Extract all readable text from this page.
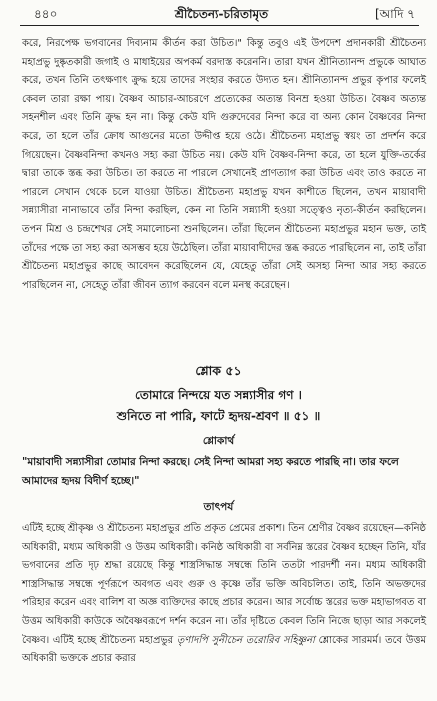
৪৪০	শ্রীচৈতন্য-চরিতামৃত	[আদি ৭

করে, নিরপেক্ষ ভগবানের দিব্যনাম কীর্তন করা উচিত।" কিন্তু তবুও এই উপদেশ প্রদানকারী শ্রীচৈতন্য মহাপ্রভু দুষ্কৃতকারী জগাই ও মাধাইয়ের অপকর্ম বরদাস্ত করেননি। তারা যখন শ্রীনিত্যানন্দ প্রভুকে আঘাত করে, তখন তিনি তৎক্ষণাৎ ক্রুদ্ধ হয়ে তাদের সংহার করতে উদ্যত হন। শ্রীনিত্যানন্দ প্রভুর কৃপার ফলেই কেবল তারা রক্ষা পায়। বৈষ্ণব আচার-আচরণে প্রত্যেকের অত্যন্ত বিনম্র হওয়া উচিত। বৈষ্ণব অত্যন্ত সহনশীল এবং তিনি ক্রুদ্ধ হন না। কিন্তু কেউ যদি গুরুদেবের নিন্দা করে বা অন্য কোন বৈষ্ণবের নিন্দা করে, তা হলে তাঁর ক্রোধ আগুনের মতো উদ্দীপ্ত হয়ে ওঠে। শ্রীচৈতন্য মহাপ্রভু স্বয়ং তা প্রদর্শন করে গিয়েছেন। বৈষ্ণবনিন্দা কখনও সহ্য করা উচিত নয়। কেউ যদি বৈষ্ণব-নিন্দা করে, তা হলে যুক্তি-তর্কের দ্বারা তাকে স্তব্ধ করা উচিত। তা করতে না পারলে সেখানেই প্রাণত্যাগ করা উচিত এবং তাও করতে না পারলে সেখান থেকে চলে যাওয়া উচিত। শ্রীচৈতন্য মহাপ্রভু যখন কাশীতে ছিলেন, তখন মায়াবাদী সন্ন্যাসীরা নানাভাবে তাঁর নিন্দা করছিল, কেন না তিনি সন্ন্যাসী হওয়া সত্ত্বেও নৃত্য-কীর্তন করছিলেন। তপন মিশ্র ও চন্দ্রশেখর সেই সমালোচনা শুনছিলেন। তাঁরা ছিলেন শ্রীচৈতন্য মহাপ্রভুর মহান ভক্ত, তাই তাঁদের পক্ষে তা সহ্য করা অসম্ভব হয়ে উঠেছিল। তাঁরা মায়াবাদীদের স্তব্ধ করতে পারছিলেন না, তাই তাঁরা শ্রীচৈতন্য মহাপ্রভুর কাছে আবেদন করেছিলেন যে, যেহেতু তাঁরা সেই অসহ্য নিন্দা আর সহ্য করতে পারছিলেন না, সেহেতু তাঁরা জীবন ত্যাগ করবেন বলে মনস্থ করেছেন।

শ্লোক ৫১
তোমারে নিন্দয়ে যত সন্ন্যাসীর গণ ।
শুনিতে না পারি, ফাটে হৃদয়-শ্রবণ ॥ ৫১ ॥
শ্লোকার্থ
"মায়াবাদী সন্ন্যাসীরা তোমার নিন্দা করছে। সেই নিন্দা আমরা সহ্য করতে পারছি না। তার ফলে আমাদের হৃদয় বিদীর্ণ হচ্ছে।"
তাৎপর্য

এটিই হচ্ছে শ্রীকৃষ্ণ ও শ্রীচৈতন্য মহাপ্রভুর প্রতি প্রকৃত প্রেমের প্রকাশ। তিন শ্রেণীর বৈষ্ণব রয়েছেন—কনিষ্ঠ অধিকারী, মধ্যম অধিকারী ও উত্তম অধিকারী। কনিষ্ঠ অধিকারী বা সর্বনিম্ন স্তরের বৈষ্ণব হচ্ছেন তিনি, যাঁর ভগবানের প্রতি দৃঢ় শ্রদ্ধা রয়েছে কিন্তু শাস্ত্রসিদ্ধান্ত সম্বন্ধে তিনি ততটা পারদর্শী নন। মধ্যম অধিকারী শাস্ত্রসিদ্ধান্ত সম্বন্ধে পূর্ণরূপে অবগত এবং গুরু ও কৃষ্ণে তাঁর ভক্তি অবিচলিত। তাই, তিনি অভক্তদের পরিহার করেন এবং বালিশ বা অজ্ঞ ব্যক্তিদের কাছে প্রচার করেন। আর সর্বোচ্চ স্তরের ভক্ত মহাভাগবত বা উত্তম অধিকারী কাউকে অবৈষ্ণবরূপে দর্শন করেন না। তাঁর দৃষ্টিতে কেবল তিনি নিজে ছাড়া আর সকলেই বৈষ্ণব। এটিই হচ্ছে শ্রীচৈতন্য মহাপ্রভুর তৃণাদপি সুনীচেন তরোরিব সহিষ্ণুনা শ্লোকের সারমর্ম। তবে উত্তম অধিকারী ভক্তকে প্রচার করার
